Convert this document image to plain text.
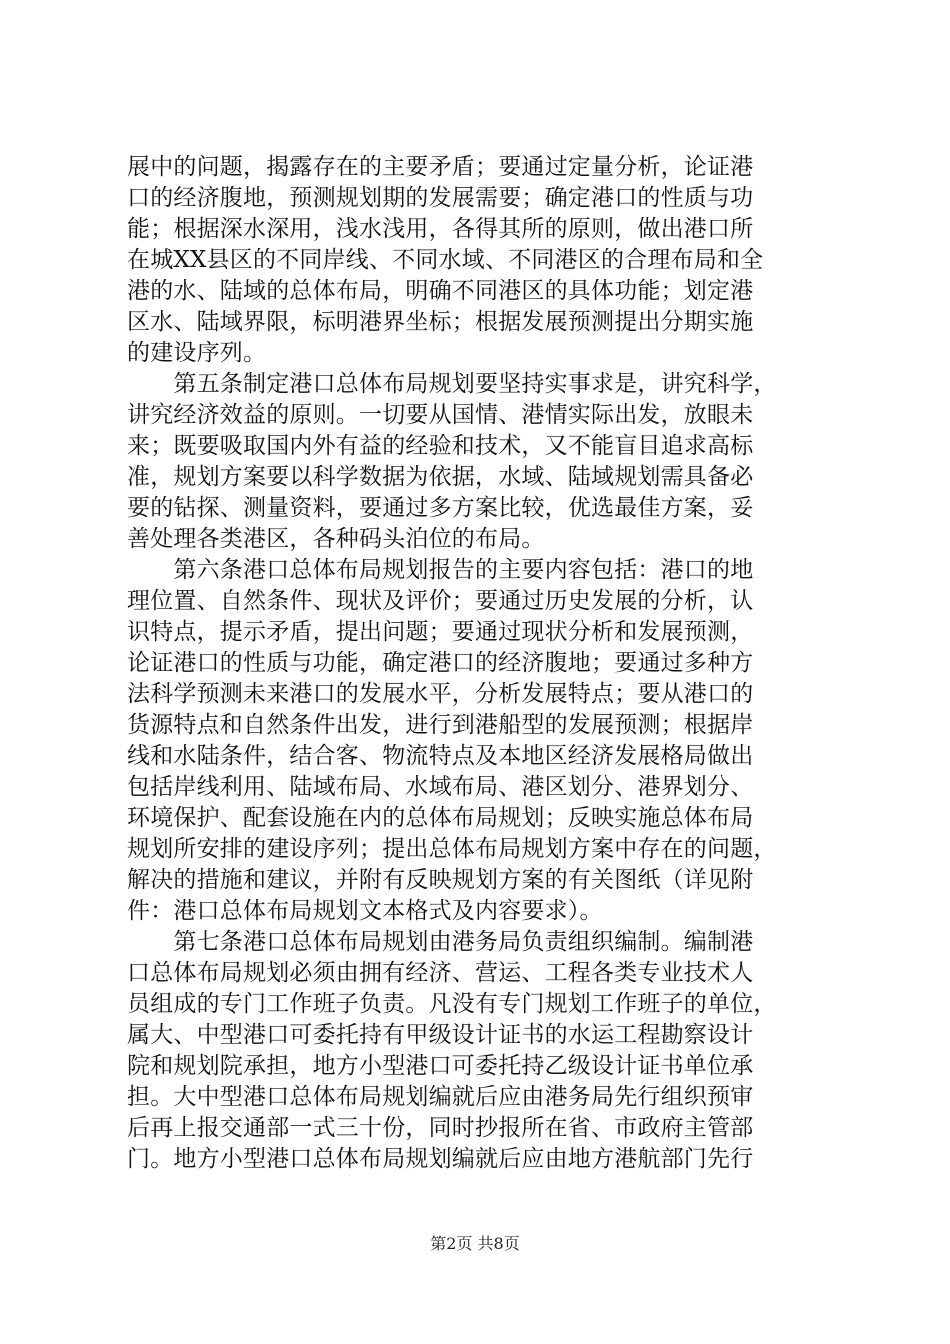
展中的问题，揭露存在的主要矛盾；要通过定量分析，论证港
口的经济腹地，预测规划期的发展需要；确定港口的性质与功
能；根据深水深用，浅水浅用，各得其所的原则，做出港口所
在城XX县区的不同岸线、不同水域、不同港区的合理布局和全
港的水、陆域的总体布局，明确不同港区的具体功能；划定港
区水、陆域界限，标明港界坐标；根据发展预测提出分期实施
的建设序列。
　　第五条制定港口总体布局规划要坚持实事求是，讲究科学，
讲究经济效益的原则。一切要从国情、港情实际出发，放眼未
来；既要吸取国内外有益的经验和技术，又不能盲目追求高标
准，规划方案要以科学数据为依据，水域、陆域规划需具备必
要的钻探、测量资料，要通过多方案比较，优选最佳方案，妥
善处理各类港区，各种码头泊位的布局。
　　第六条港口总体布局规划报告的主要内容包括：港口的地
理位置、自然条件、现状及评价；要通过历史发展的分析，认
识特点，提示矛盾，提出问题；要通过现状分析和发展预测，
论证港口的性质与功能，确定港口的经济腹地；要通过多种方
法科学预测未来港口的发展水平，分析发展特点；要从港口的
货源特点和自然条件出发，进行到港船型的发展预测；根据岸
线和水陆条件，结合客、物流特点及本地区经济发展格局做出
包括岸线利用、陆域布局、水域布局、港区划分、港界划分、
环境保护、配套设施在内的总体布局规划；反映实施总体布局
规划所安排的建设序列；提出总体布局规划方案中存在的问题，
解决的措施和建议，并附有反映规划方案的有关图纸（详见附
件：港口总体布局规划文本格式及内容要求）。
　　第七条港口总体布局规划由港务局负责组织编制。编制港
口总体布局规划必须由拥有经济、营运、工程各类专业技术人
员组成的专门工作班子负责。凡没有专门规划工作班子的单位，
属大、中型港口可委托持有甲级设计证书的水运工程勘察设计
院和规划院承担，地方小型港口可委托持乙级设计证书单位承
担。大中型港口总体布局规划编就后应由港务局先行组织预审
后再上报交通部一式三十份，同时抄报所在省、市政府主管部
门。地方小型港口总体布局规划编就后应由地方港航部门先行
第2页 共8页
